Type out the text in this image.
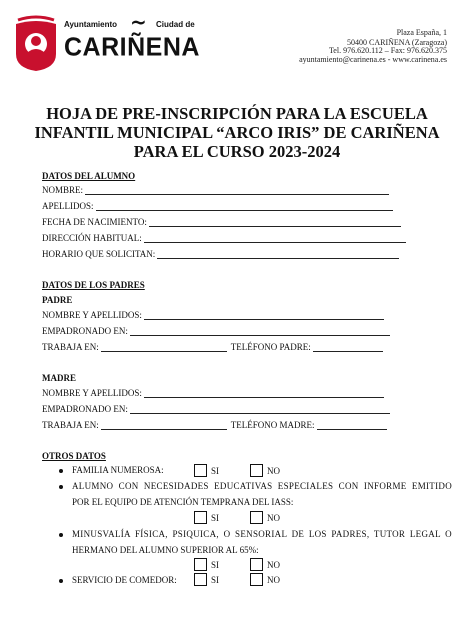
Ayuntamiento ~ Ciudad de
CARIÑENA	Plaza España, 1
50400 CARIÑENA (Zaragoza)
Tel. 976.620.112 – Fax: 976.620.375
ayuntamiento@carinena.es - www.carinena.es
HOJA DE PRE-INSCRIPCIÓN PARA LA ESCUELA
INFANTIL MUNICIPAL “ARCO IRIS” DE CARIÑENA
PARA EL CURSO 2023-2024
DATOS DEL ALUMNO
NOMBRE:
APELLIDOS:
FECHA DE NACIMIENTO:
DIRECCIÓN HABITUAL:
HORARIO QUE SOLICITAN:
DATOS DE LOS PADRES
PADRE
NOMBRE Y APELLIDOS:
EMPADRONADO EN:
TRABAJA EN:	TELÉFONO PADRE:
MADRE
NOMBRE Y APELLIDOS:
EMPADRONADO EN:
TRABAJA EN:	TELÉFONO MADRE:
OTROS DATOS
FAMILIA NUMEROSA:	SI	NO
ALUMNO CON NECESIDADES EDUCATIVAS ESPECIALES CON INFORME EMITIDO
POR EL EQUIPO DE ATENCIÓN TEMPRANA DEL IASS:
SI	NO
MINUSVALÍA FÍSICA, PSIQUICA, O SENSORIAL DE LOS PADRES, TUTOR LEGAL O
HERMANO DEL ALUMNO SUPERIOR AL 65%:
SI	NO
SERVICIO DE COMEDOR:	SI	NO
